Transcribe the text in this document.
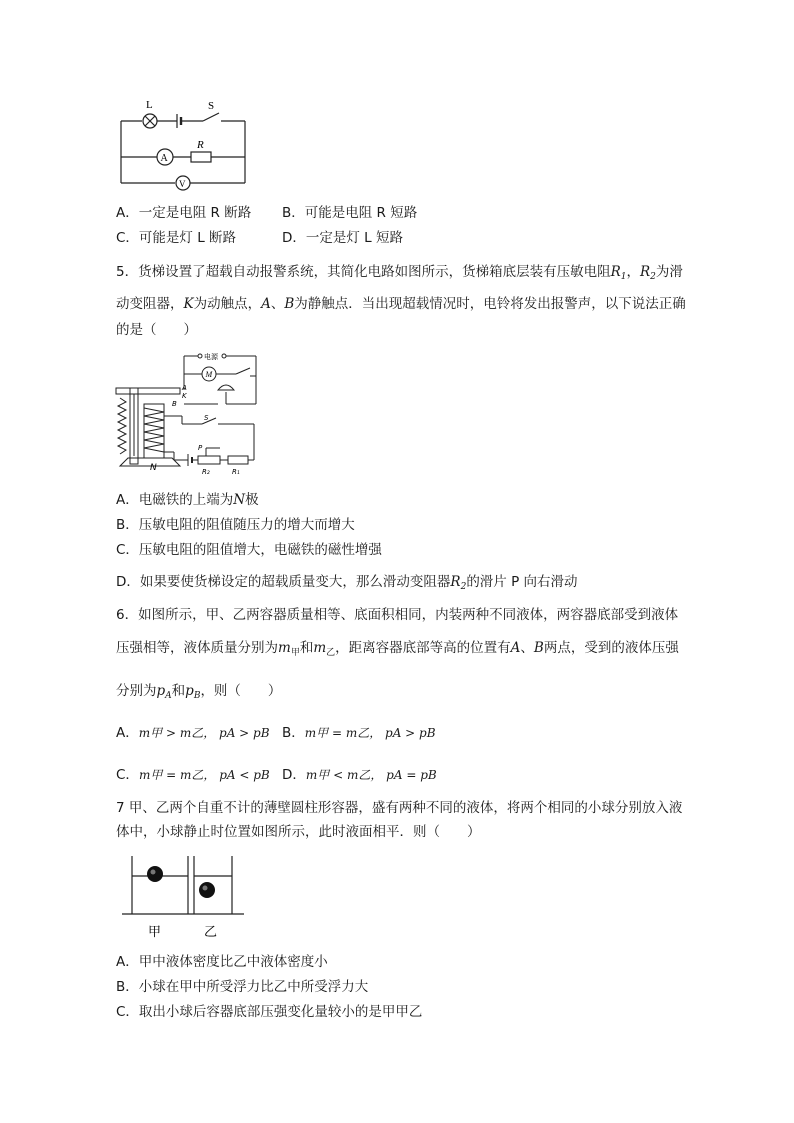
L	S
A
R
V
A．一定是电阻 R 断路 B．可能是电阻 R 短路
C．可能是灯 L 断路	D．一定是灯 L 短路
5．货梯设置了超载自动报警系统，其简化电路如图所示，货梯箱底层装有压敏电阻$R_1$，$R_2$为滑
动变阻器，K为动触点，A、B为静触点．当出现超载情况时，电铃将发出报警声，以下说法正确
的是（　　）
电源
M
A
K
B
S
P
R₂	R₁
N
A．电磁铁的上端为N极
B．压敏电阻的阻值随压力的增大而增大
C．压敏电阻的阻值增大，电磁铁的磁性增强
D．如果要使货梯设定的超载质量变大，那么滑动变阻器$R_2$的滑片 P 向右滑动
6．如图所示，甲、乙两容器质量相等、底面积相同，内装两种不同液体，两容器底部受到液体
压强相等，液体质量分别为$m_甲$和$m_乙$，距离容器底部等高的位置有A、B两点，受到的液体压强
分别为$p_A$和$p_B$，则（　　）
A．m甲 > m乙， pA > pB B．m甲 = m乙， pA > pB
C．m甲 = m乙， pA < pB D．m甲 < m乙， pA = pB
7 甲、乙两个自重不计的薄壁圆柱形容器，盛有两种不同的液体，将两个相同的小球分别放入液
体中，小球静止时位置如图所示，此时液面相平．则（　　）
甲	乙
A．甲中液体密度比乙中液体密度小
B．小球在甲中所受浮力比乙中所受浮力大
C．取出小球后容器底部压强变化量较小的是甲甲乙
